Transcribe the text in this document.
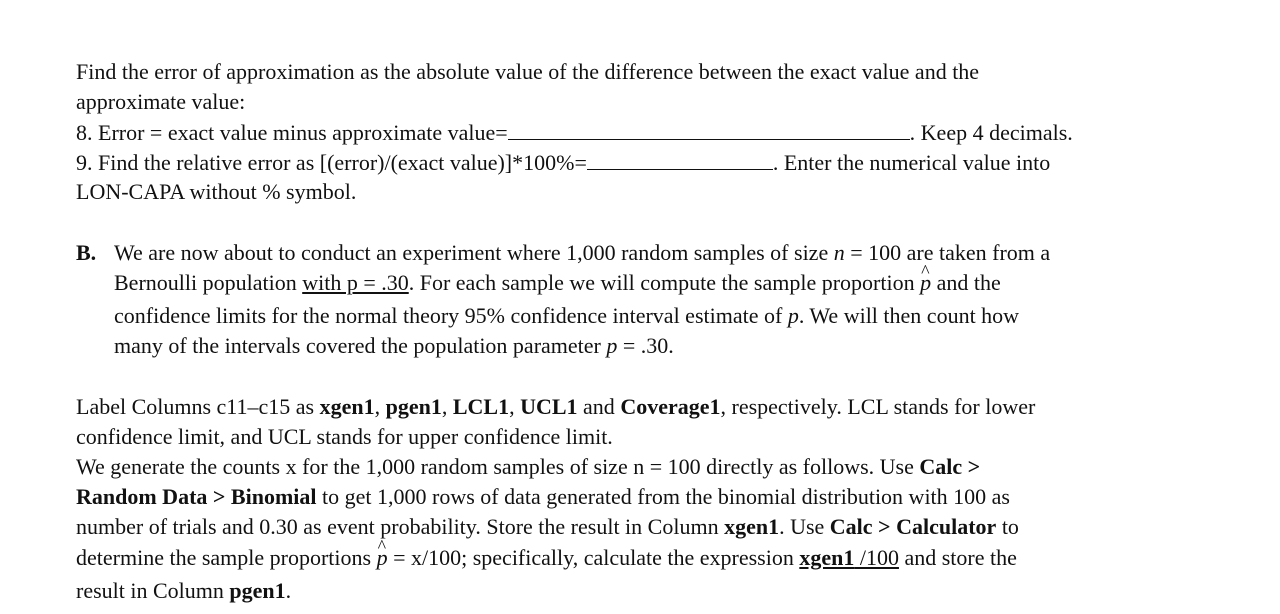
Find the error of approximation as the absolute value of the difference between the exact value and the
approximate value:
8. Error = exact value minus approximate value=	. Keep 4 decimals.
9. Find the relative error as [(error)/(exact value)]*100%=	. Enter the numerical value into
LON-CAPA without % symbol.
B. We are now about to conduct an experiment where 1,000 random samples of size n = 100 are taken from a
Bernoulli population with p = .30. For each sample we will compute the sample proportion ^ p and the
confidence limits for the normal theory 95% confidence interval estimate of p. We will then count how
many of the intervals covered the population parameter p = .30.
Label Columns c11–c15 as xgen1, pgen1, LCL1, UCL1 and Coverage1, respectively. LCL stands for lower
confidence limit, and UCL stands for upper confidence limit.
We generate the counts x for the 1,000 random samples of size n = 100 directly as follows. Use Calc >
Random Data > Binomial to get 1,000 rows of data generated from the binomial distribution with 100 as
number of trials and 0.30 as event probability. Store the result in Column xgen1. Use Calc > Calculator to
determine the sample proportions ^ p = x/100; specifically, calculate the expression xgen1 /100 and store the
result in Column pgen1.
